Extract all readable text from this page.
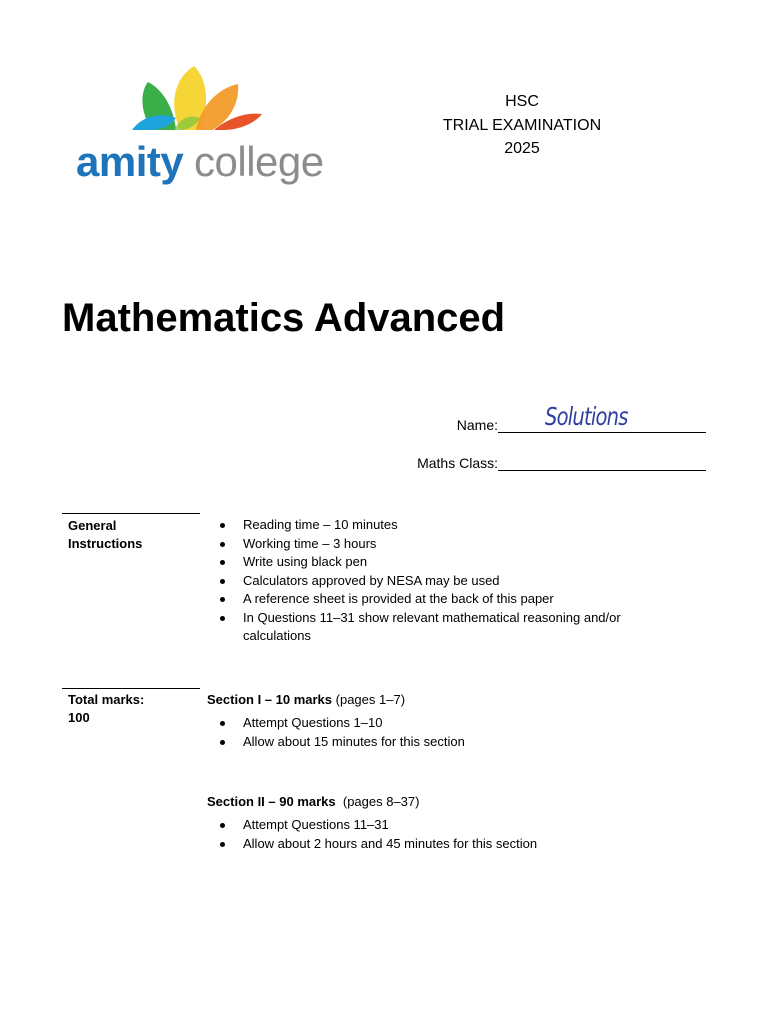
amity college
HSC
TRIAL EXAMINATION
2025
Mathematics Advanced
Name: Solutions
Maths Class:
General
Instructions
Reading time – 10 minutes
Working time – 3 hours
Write using black pen
Calculators approved by NESA may be used
A reference sheet is provided at the back of this paper
In Questions 11–31 show relevant mathematical reasoning and/or calculations
Total marks:
100
Section I – 10 marks (pages 1–7)
Attempt Questions 1–10
Allow about 15 minutes for this section
Section II – 90 marks (pages 8–37)
Attempt Questions 11–31
Allow about 2 hours and 45 minutes for this section
